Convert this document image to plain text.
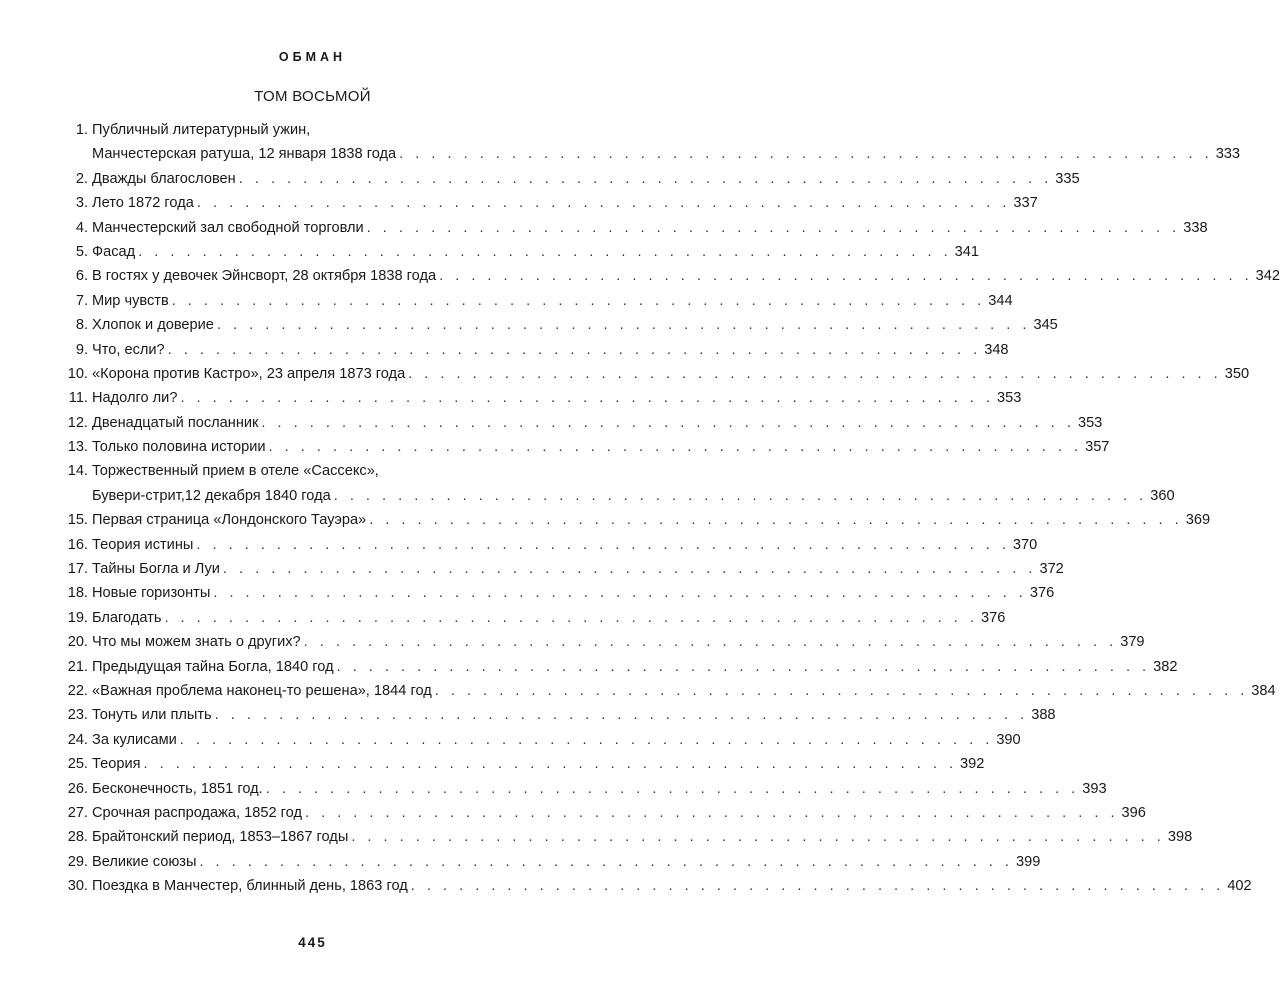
ОБМАН
ТОМ ВОСЬМОЙ
1. Публичный литературный ужин,
Манчестерская ратуша, 12 января 1838 года . . . . . . . . . . . . . . . . . . . . . . . . . . . . . . . . . . . . . . . . . . . . . . . . . . . 333
2. Дважды благословен . . . . . . . . . . . . . . . . . . . . . . . . . . . . . . . . . . . . . . . . . . . . . . . . . . . 335
3. Лето 1872 года . . . . . . . . . . . . . . . . . . . . . . . . . . . . . . . . . . . . . . . . . . . . . . . . . . . 337
4. Манчестерский зал свободной торговли . . . . . . . . . . . . . . . . . . . . . . . . . . . . . . . . . . . . . . . . . . . . . . . . . . . 338
5. Фасад . . . . . . . . . . . . . . . . . . . . . . . . . . . . . . . . . . . . . . . . . . . . . . . . . . . 341
6. В гостях у девочек Эйнсворт, 28 октября 1838 года . . . . . . . . . . . . . . . . . . . . . . . . . . . . . . . . . . . . . . . . . . . . . . . . . . . 342
7. Мир чувств . . . . . . . . . . . . . . . . . . . . . . . . . . . . . . . . . . . . . . . . . . . . . . . . . . . 344
8. Хлопок и доверие . . . . . . . . . . . . . . . . . . . . . . . . . . . . . . . . . . . . . . . . . . . . . . . . . . . 345
9. Что, если? . . . . . . . . . . . . . . . . . . . . . . . . . . . . . . . . . . . . . . . . . . . . . . . . . . . 348
10. «Корона против Кастро», 23 апреля 1873 года . . . . . . . . . . . . . . . . . . . . . . . . . . . . . . . . . . . . . . . . . . . . . . . . . . . 350
11. Надолго ли? . . . . . . . . . . . . . . . . . . . . . . . . . . . . . . . . . . . . . . . . . . . . . . . . . . . 353
12. Двенадцатый посланник . . . . . . . . . . . . . . . . . . . . . . . . . . . . . . . . . . . . . . . . . . . . . . . . . . . 353
13. Только половина истории . . . . . . . . . . . . . . . . . . . . . . . . . . . . . . . . . . . . . . . . . . . . . . . . . . . 357
14. Торжественный прием в отеле «Сассекс»,
Бувери-стрит,12 декабря 1840 года . . . . . . . . . . . . . . . . . . . . . . . . . . . . . . . . . . . . . . . . . . . . . . . . . . . 360
15. Первая страница «Лондонского Тауэра» . . . . . . . . . . . . . . . . . . . . . . . . . . . . . . . . . . . . . . . . . . . . . . . . . . . 369
16. Теория истины . . . . . . . . . . . . . . . . . . . . . . . . . . . . . . . . . . . . . . . . . . . . . . . . . . . 370
17. Тайны Богла и Луи . . . . . . . . . . . . . . . . . . . . . . . . . . . . . . . . . . . . . . . . . . . . . . . . . . . 372
18. Новые горизонты . . . . . . . . . . . . . . . . . . . . . . . . . . . . . . . . . . . . . . . . . . . . . . . . . . . 376
19. Благодать . . . . . . . . . . . . . . . . . . . . . . . . . . . . . . . . . . . . . . . . . . . . . . . . . . . 376
20. Что мы можем знать о других? . . . . . . . . . . . . . . . . . . . . . . . . . . . . . . . . . . . . . . . . . . . . . . . . . . . 379
21. Предыдущая тайна Богла, 1840 год . . . . . . . . . . . . . . . . . . . . . . . . . . . . . . . . . . . . . . . . . . . . . . . . . . . 382
22. «Важная проблема наконец-то решена», 1844 год . . . . . . . . . . . . . . . . . . . . . . . . . . . . . . . . . . . . . . . . . . . . . . . . . . . 384
23. Тонуть или плыть . . . . . . . . . . . . . . . . . . . . . . . . . . . . . . . . . . . . . . . . . . . . . . . . . . . 388
24. За кулисами . . . . . . . . . . . . . . . . . . . . . . . . . . . . . . . . . . . . . . . . . . . . . . . . . . . 390
25. Теория . . . . . . . . . . . . . . . . . . . . . . . . . . . . . . . . . . . . . . . . . . . . . . . . . . . 392
26. Бесконечность, 1851 год. . . . . . . . . . . . . . . . . . . . . . . . . . . . . . . . . . . . . . . . . . . . . . . . . . . . 393
27. Срочная распродажа, 1852 год . . . . . . . . . . . . . . . . . . . . . . . . . . . . . . . . . . . . . . . . . . . . . . . . . . . 396
28. Брайтонский период, 1853–1867 годы . . . . . . . . . . . . . . . . . . . . . . . . . . . . . . . . . . . . . . . . . . . . . . . . . . . 398
29. Великие союзы . . . . . . . . . . . . . . . . . . . . . . . . . . . . . . . . . . . . . . . . . . . . . . . . . . . 399
30. Поездка в Манчестер, блинный день, 1863 год . . . . . . . . . . . . . . . . . . . . . . . . . . . . . . . . . . . . . . . . . . . . . . . . . . . 402
445
